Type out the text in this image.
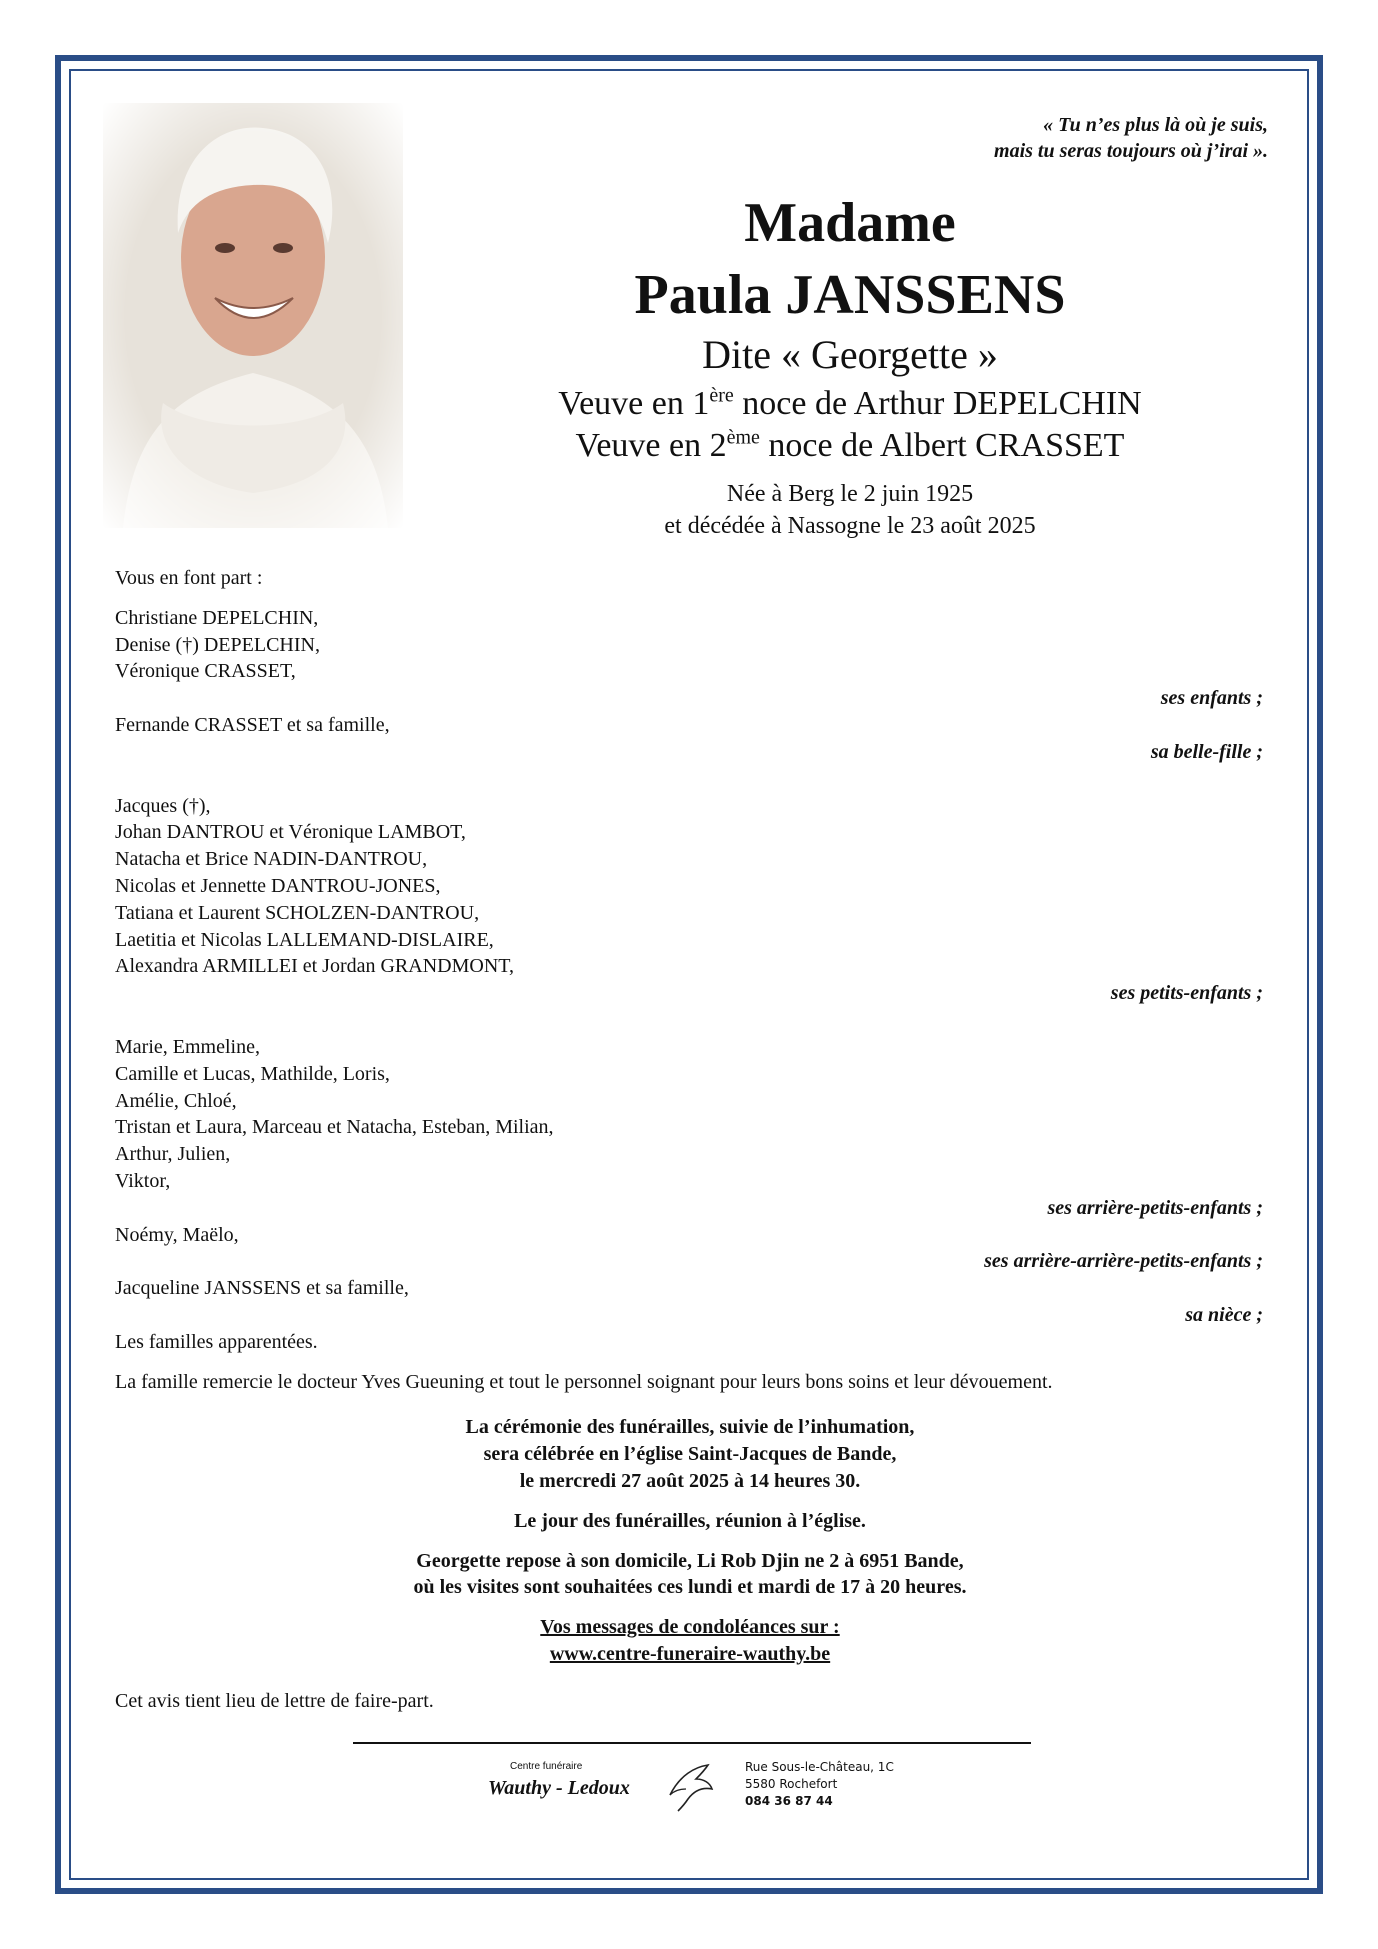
« Tu n’es plus là où je suis,
mais tu seras toujours où j’irai ».
Madame
Paula JANSSENS
Dite « Georgette »
Veuve en 1ère noce de Arthur DEPELCHIN
Veuve en 2ème noce de Albert CRASSET
Née à Berg le 2 juin 1925
et décédée à Nassogne le 23 août 2025
Vous en font part :
Christiane DEPELCHIN,
Denise (†) DEPELCHIN,
Véronique CRASSET,
ses enfants ;
Fernande CRASSET et sa famille,
sa belle-fille ;
Jacques (†),
Johan DANTROU et Véronique LAMBOT,
Natacha et Brice NADIN-DANTROU,
Nicolas et Jennette DANTROU-JONES,
Tatiana et Laurent SCHOLZEN-DANTROU,
Laetitia et Nicolas LALLEMAND-DISLAIRE,
Alexandra ARMILLEI et Jordan GRANDMONT,
ses petits-enfants ;
Marie, Emmeline,
Camille et Lucas, Mathilde, Loris,
Amélie, Chloé,
Tristan et Laura, Marceau et Natacha, Esteban, Milian,
Arthur, Julien,
Viktor,
ses arrière-petits-enfants ;
Noémy, Maëlo,
ses arrière-arrière-petits-enfants ;
Jacqueline JANSSENS et sa famille,
sa nièce ;
Les familles apparentées.
La famille remercie le docteur Yves Gueuning et tout le personnel soignant pour leurs bons soins et leur dévouement.
La cérémonie des funérailles, suivie de l’inhumation,
sera célébrée en l’église Saint-Jacques de Bande,
le mercredi 27 août 2025 à 14 heures 30.
Le jour des funérailles, réunion à l’église.
Georgette repose à son domicile, Li Rob Djin ne 2 à 6951 Bande,
où les visites sont souhaitées ces lundi et mardi de 17 à 20 heures.
Vos messages de condoléances sur :
www.centre-funeraire-wauthy.be
Cet avis tient lieu de lettre de faire-part.
Centre funéraire
Wauthy - Ledoux
Rue Sous-le-Château, 1C
5580 Rochefort
084 36 87 44
